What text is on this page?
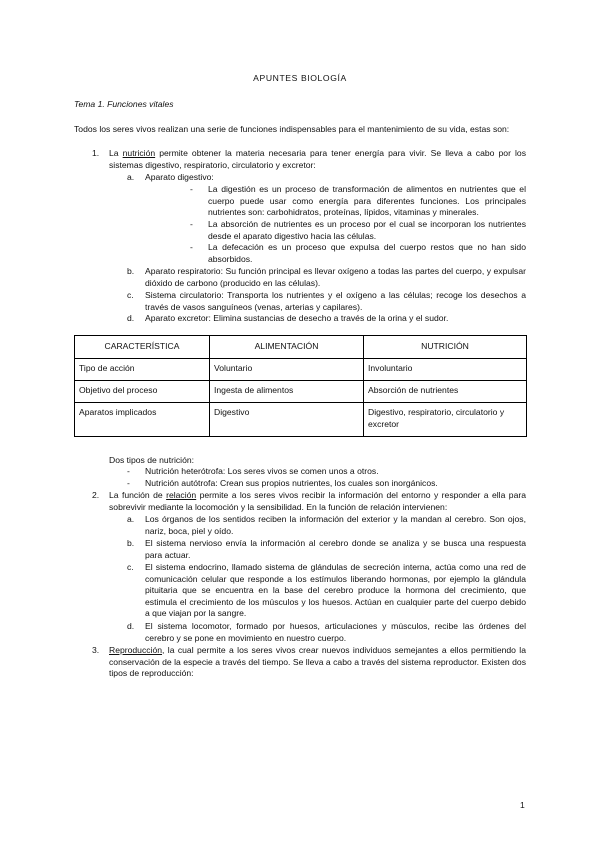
APUNTES BIOLOGÍA
Tema 1. Funciones vitales
Todos los seres vivos realizan una serie de funciones indispensables para el mantenimiento de su vida, estas son:
1. La nutrición permite obtener la materia necesaria para tener energía para vivir. Se lleva a cabo por los sistemas digestivo, respiratorio, circulatorio y excretor:
a. Aparato digestivo:
- La digestión es un proceso de transformación de alimentos en nutrientes que el cuerpo puede usar como energía para diferentes funciones. Los principales nutrientes son: carbohidratos, proteínas, lípidos, vitaminas y minerales.
- La absorción de nutrientes es un proceso por el cual se incorporan los nutrientes desde el aparato digestivo hacia las células.
- La defecación es un proceso que expulsa del cuerpo restos que no han sido absorbidos.
b. Aparato respiratorio: Su función principal es llevar oxígeno a todas las partes del cuerpo, y expulsar dióxido de carbono (producido en las células).
c. Sistema circulatorio: Transporta los nutrientes y el oxígeno a las células; recoge los desechos a través de vasos sanguíneos (venas, arterias y capilares).
d. Aparato excretor: Elimina sustancias de desecho a través de la orina y el sudor.
CARACTERÍSTICA	ALIMENTACIÓN	NUTRICIÓN
Tipo de acción	Voluntario	Involuntario
Objetivo del proceso	Ingesta de alimentos	Absorción de nutrientes
Aparatos implicados	Digestivo	Digestivo, respiratorio, circulatorio y excretor
Dos tipos de nutrición:
- Nutrición heterótrofa: Los seres vivos se comen unos a otros.
- Nutrición autótrofa: Crean sus propios nutrientes, los cuales son inorgánicos.
2. La función de relación permite a los seres vivos recibir la información del entorno y responder a ella para sobrevivir mediante la locomoción y la sensibilidad. En la función de relación intervienen:
a. Los órganos de los sentidos reciben la información del exterior y la mandan al cerebro. Son ojos, nariz, boca, piel y oído.
b. El sistema nervioso envía la información al cerebro donde se analiza y se busca una respuesta para actuar.
c. El sistema endocrino, llamado sistema de glándulas de secreción interna, actúa como una red de comunicación celular que responde a los estímulos liberando hormonas, por ejemplo la glándula pituitaria que se encuentra en la base del cerebro produce la hormona del crecimiento, que estimula el crecimiento de los músculos y los huesos. Actúan en cualquier parte del cuerpo debido a que viajan por la sangre.
d. El sistema locomotor, formado por huesos, articulaciones y músculos, recibe las órdenes del cerebro y se pone en movimiento en nuestro cuerpo.
3. Reproducción, la cual permite a los seres vivos crear nuevos individuos semejantes a ellos permitiendo la conservación de la especie a través del tiempo. Se lleva a cabo a través del sistema reproductor. Existen dos tipos de reproducción:
1
